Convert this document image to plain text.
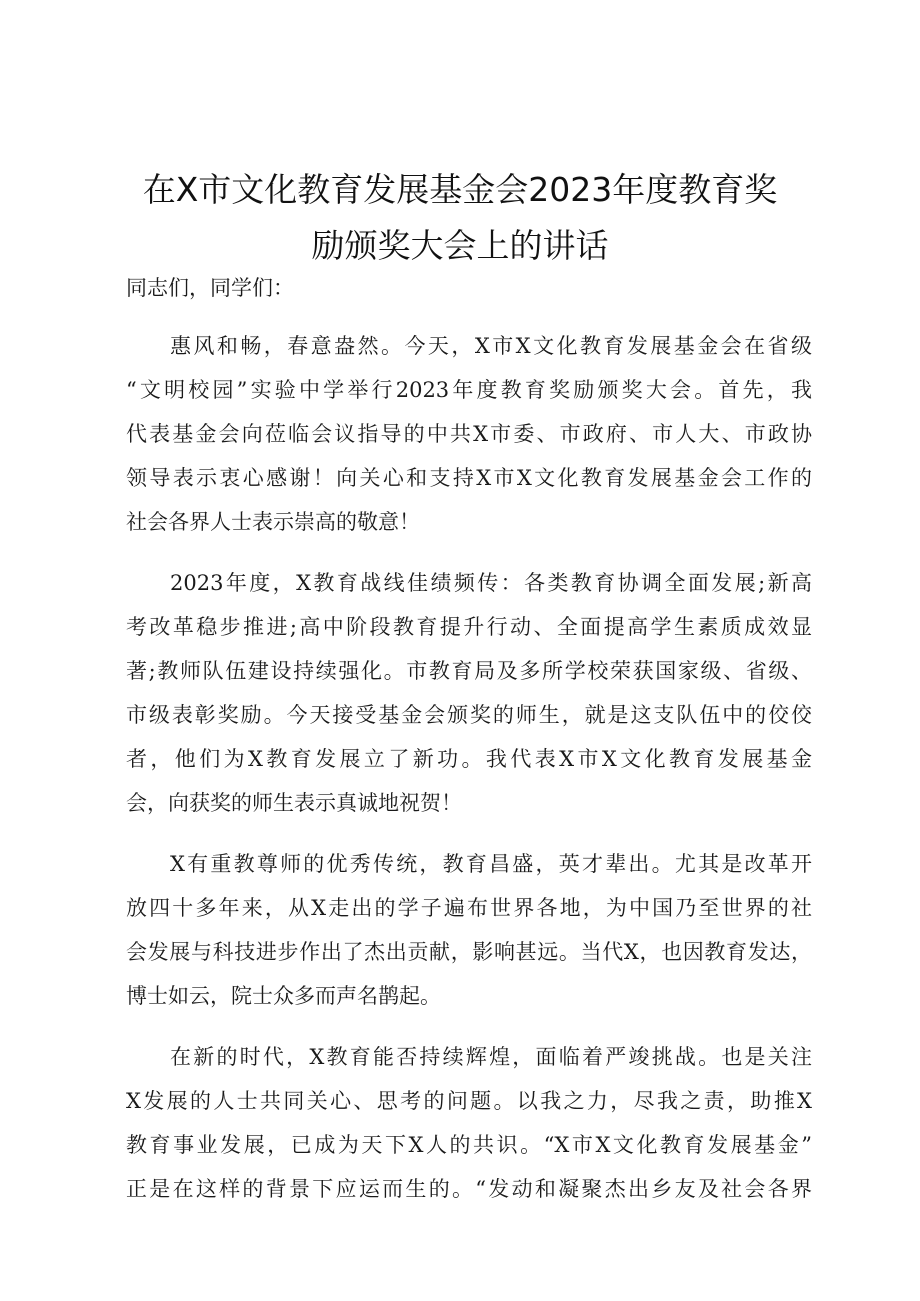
在X市文化教育发展基金会2023年度教育奖
励颁奖大会上的讲话

同志们，同学们：

惠风和畅，春意盎然。今天，X市X文化教育发展基金会在省级
“文明校园”实验中学举行2023年度教育奖励颁奖大会。首先，我
代表基金会向莅临会议指导的中共X市委、市政府、市人大、市政协
领导表示衷心感谢！向关心和支持X市X文化教育发展基金会工作的
社会各界人士表示崇高的敬意！

2023年度，X教育战线佳绩频传：各类教育协调全面发展;新高
考改革稳步推进;高中阶段教育提升行动、全面提高学生素质成效显
著;教师队伍建设持续强化。市教育局及多所学校荣获国家级、省级、
市级表彰奖励。今天接受基金会颁奖的师生，就是这支队伍中的佼佼
者，他们为X教育发展立了新功。我代表X市X文化教育发展基金
会，向获奖的师生表示真诚地祝贺！

X有重教尊师的优秀传统，教育昌盛，英才辈出。尤其是改革开
放四十多年来，从X走出的学子遍布世界各地，为中国乃至世界的社
会发展与科技进步作出了杰出贡献，影响甚远。当代X，也因教育发达，
博士如云，院士众多而声名鹊起。

在新的时代，X教育能否持续辉煌，面临着严竣挑战。也是关注
X发展的人士共同关心、思考的问题。以我之力，尽我之责，助推X
教育事业发展，已成为天下X人的共识。“X市X文化教育发展基金”
正是在这样的背景下应运而生的。“发动和凝聚杰出乡友及社会各界
